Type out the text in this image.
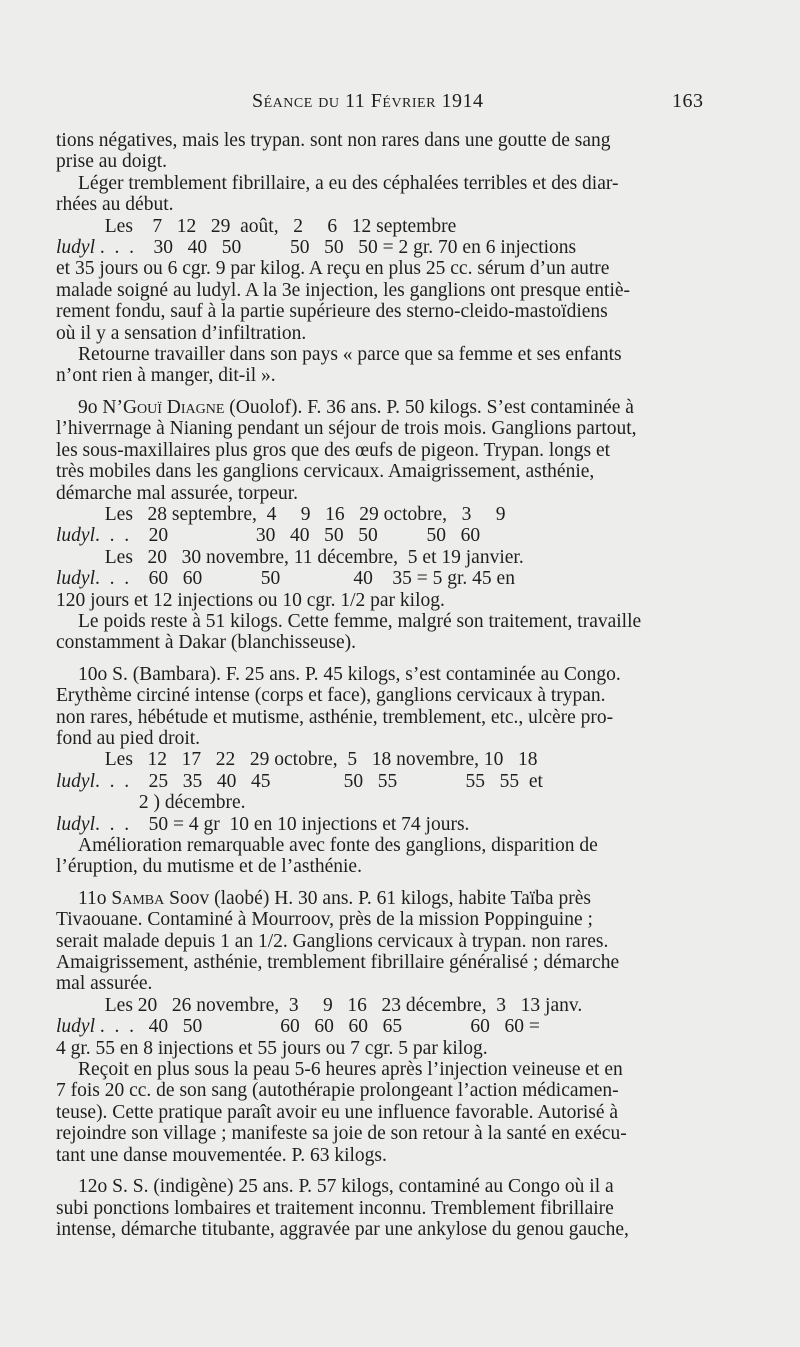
Séance du 11 Février 1914	163

tions négatives, mais les trypan. sont non rares dans une goutte de sang

prise au doigt.

Léger tremblement fibrillaire, a eu des céphalées terribles et des diar-

rhées au début.

Les    7   12   29  août,   2     6   12 septembre

ludyl .  .  .    30   40   50          50   50   50 = 2 gr. 70 en 6 injections

et 35 jours ou 6 cgr. 9 par kilog. A reçu en plus 25 cc. sérum d’un autre

malade soigné au ludyl. A la 3e injection, les ganglions ont presque entiè-

rement fondu, sauf à la partie supérieure des sterno-cleido-mastoïdiens

où il y a sensation d’infiltration.

Retourne travailler dans son pays « parce que sa femme et ses enfants

n’ont rien à manger, dit-il ».

9o N’Gouï Diagne (Ouolof). F. 36 ans. P. 50 kilogs. S’est contaminée à

l’hiverrnage à Nianing pendant un séjour de trois mois. Ganglions partout,

les sous-maxillaires plus gros que des œufs de pigeon. Trypan. longs et

très mobiles dans les ganglions cervicaux. Amaigrissement, asthénie,

démarche mal assurée, torpeur.

Les   28 septembre,  4     9   16   29 octobre,   3     9

ludyl.  .  .    20                  30   40   50   50          50   60

Les   20   30 novembre, 11 décembre,  5 et 19 janvier.

ludyl.  .  .    60   60            50               40    35 = 5 gr. 45 en

120 jours et 12 injections ou 10 cgr. 1/2 par kilog.

Le poids reste à 51 kilogs. Cette femme, malgré son traitement, travaille

constamment à Dakar (blanchisseuse).

10o S. (Bambara). F. 25 ans. P. 45 kilogs, s’est contaminée au Congo.

Erythème circiné intense (corps et face), ganglions cervicaux à trypan.

non rares, hébétude et mutisme, asthénie, tremblement, etc., ulcère pro-

fond au pied droit.

Les   12   17   22   29 octobre,  5   18 novembre, 10   18

ludyl.  .  .    25   35   40   45               50   55              55   55  et

2 ) décembre.

ludyl.  .  .    50 = 4 gr  10 en 10 injections et 74 jours.

Amélioration remarquable avec fonte des ganglions, disparition de

l’éruption, du mutisme et de l’asthénie.

11o Samba Soov (laobé) H. 30 ans. P. 61 kilogs, habite Taïba près

Tivaouane. Contaminé à Mourroov, près de la mission Poppinguine ;

serait malade depuis 1 an 1/2. Ganglions cervicaux à trypan. non rares.

Amaigrissement, asthénie, tremblement fibrillaire généralisé ; démarche

mal assurée.

Les 20   26 novembre,  3     9   16   23 décembre,  3   13 janv.

ludyl .  .  .   40   50                60   60   60   65              60   60 =

4 gr. 55 en 8 injections et 55 jours ou 7 cgr. 5 par kilog.

Reçoit en plus sous la peau 5-6 heures après l’injection veineuse et en

7 fois 20 cc. de son sang (autothérapie prolongeant l’action médicamen-

teuse). Cette pratique paraît avoir eu une influence favorable. Autorisé à

rejoindre son village ; manifeste sa joie de son retour à la santé en exécu-

tant une danse mouvementée. P. 63 kilogs.

12o S. S. (indigène) 25 ans. P. 57 kilogs, contaminé au Congo où il a

subi ponctions lombaires et traitement inconnu. Tremblement fibrillaire

intense, démarche titubante, aggravée par une ankylose du genou gauche,
